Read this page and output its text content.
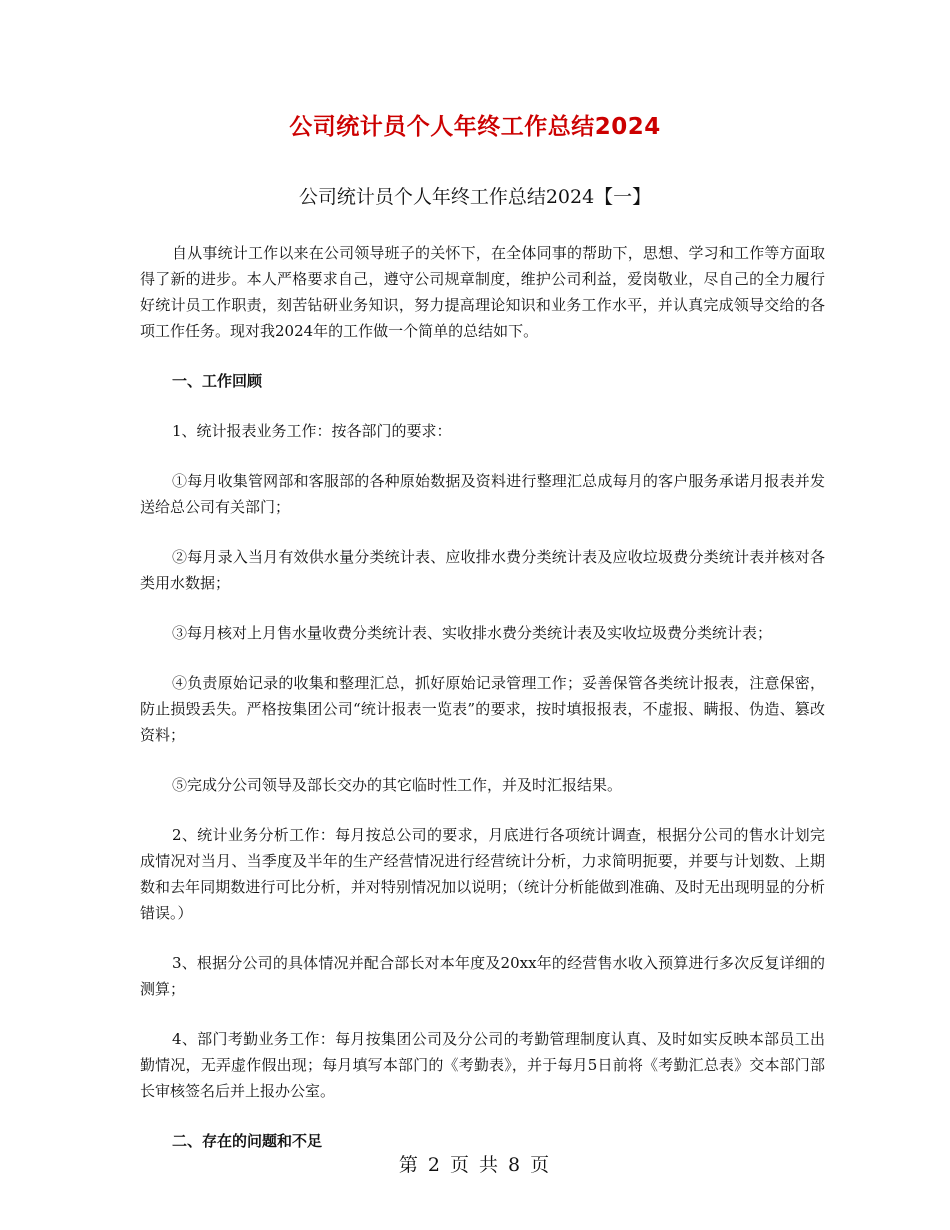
公司统计员个人年终工作总结2024
公司统计员个人年终工作总结2024【一】

自从事统计工作以来在公司领导班子的关怀下，在全体同事的帮助下，思想、学习和工作等方面取得了新的进步。本人严格要求自己，遵守公司规章制度，维护公司利益，爱岗敬业，尽自己的全力履行好统计员工作职责，刻苦钻研业务知识，努力提高理论知识和业务工作水平，并认真完成领导交给的各项工作任务。现对我2024年的工作做一个简单的总结如下。

一、工作回顾

1、统计报表业务工作：按各部门的要求：

①每月收集管网部和客服部的各种原始数据及资料进行整理汇总成每月的客户服务承诺月报表并发送给总公司有关部门；

②每月录入当月有效供水量分类统计表、应收排水费分类统计表及应收垃圾费分类统计表并核对各类用水数据；

③每月核对上月售水量收费分类统计表、实收排水费分类统计表及实收垃圾费分类统计表；

④负责原始记录的收集和整理汇总，抓好原始记录管理工作；妥善保管各类统计报表，注意保密，防止损毁丢失。严格按集团公司“统计报表一览表”的要求，按时填报报表，不虚报、瞒报、伪造、篡改资料；

⑤完成分公司领导及部长交办的其它临时性工作，并及时汇报结果。

2、统计业务分析工作：每月按总公司的要求，月底进行各项统计调查，根据分公司的售水计划完成情况对当月、当季度及半年的生产经营情况进行经营统计分析，力求简明扼要，并要与计划数、上期数和去年同期数进行可比分析，并对特别情况加以说明；（统计分析能做到准确、及时无出现明显的分析错误。）

3、根据分公司的具体情况并配合部长对本年度及20xx年的经营售水收入预算进行多次反复详细的测算；

4、部门考勤业务工作：每月按集团公司及分公司的考勤管理制度认真、及时如实反映本部员工出勤情况，无弄虚作假出现；每月填写本部门的《考勤表》，并于每月5日前将《考勤汇总表》交本部门部长审核签名后并上报办公室。

二、存在的问题和不足

第 2 页 共 8 页
